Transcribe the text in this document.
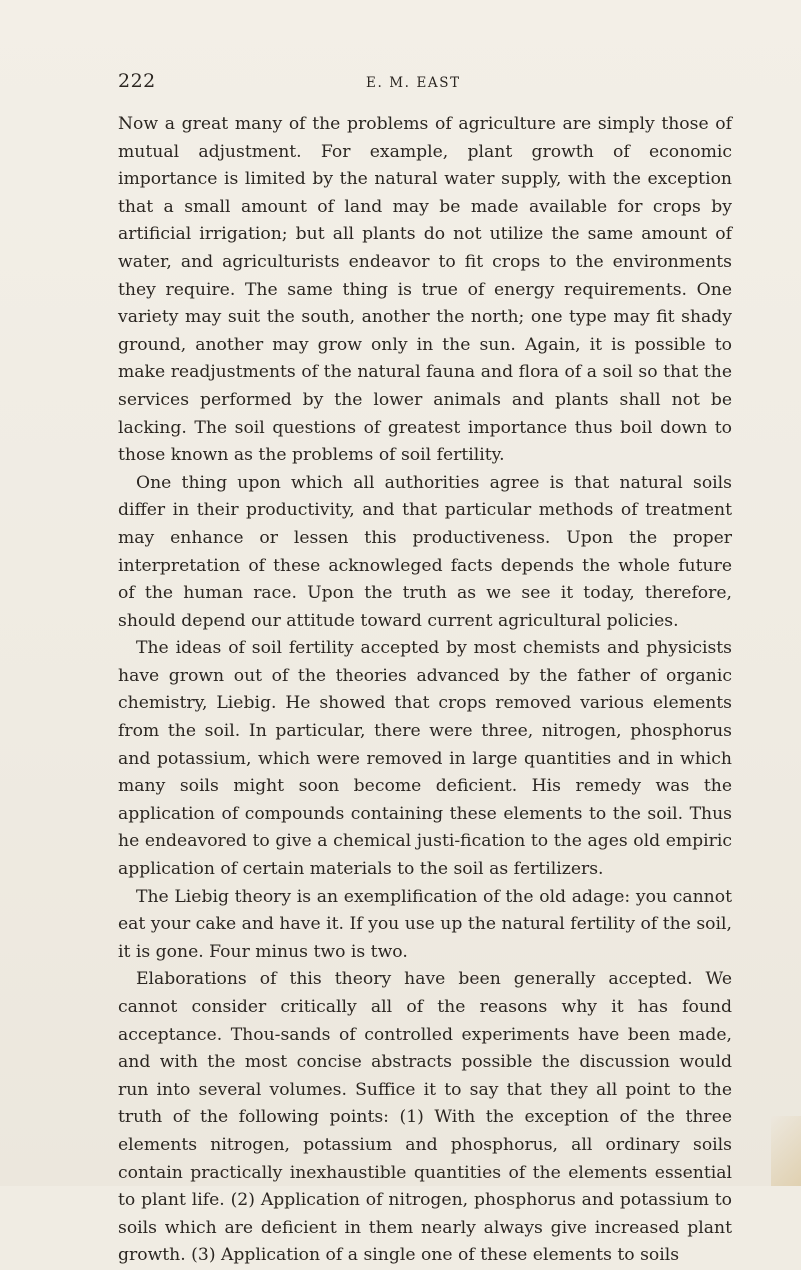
222	E. M. EAST

Now a great many of the problems of agriculture are simply those of mutual adjustment. For example, plant growth of economic importance is limited by the natural water supply, with the exception that a small amount of land may be made available for crops by artificial irrigation; but all plants do not utilize the same amount of water, and agriculturists endeavor to fit crops to the environments they require. The same thing is true of energy requirements. One variety may suit the south, another the north; one type may fit shady ground, another may grow only in the sun. Again, it is possible to make readjustments of the natural fauna and flora of a soil so that the services performed by the lower animals and plants shall not be lacking. The soil questions of greatest importance thus boil down to those known as the problems of soil fertility.

One thing upon which all authorities agree is that natural soils differ in their productivity, and that particular methods of treatment may enhance or lessen this productiveness. Upon the proper interpretation of these acknowleged facts depends the whole future of the human race. Upon the truth as we see it today, therefore, should depend our attitude toward current agricultural policies.

The ideas of soil fertility accepted by most chemists and physicists have grown out of the theories advanced by the father of organic chemistry, Liebig. He showed that crops removed various elements from the soil. In particular, there were three, nitrogen, phosphorus and potassium, which were removed in large quantities and in which many soils might soon become deficient. His remedy was the application of compounds containing these elements to the soil. Thus he endeavored to give a chemical justi-fication to the ages old empiric application of certain materials to the soil as fertilizers.

The Liebig theory is an exemplification of the old adage: you cannot eat your cake and have it. If you use up the natural fertility of the soil, it is gone. Four minus two is two.

Elaborations of this theory have been generally accepted. We cannot consider critically all of the reasons why it has found acceptance. Thou-sands of controlled experiments have been made, and with the most concise abstracts possible the discussion would run into several volumes. Suffice it to say that they all point to the truth of the following points: (1) With the exception of the three elements nitrogen, potassium and phosphorus, all ordinary soils contain practically inexhaustible quantities of the elements essential to plant life. (2) Application of nitrogen, phosphorus and potassium to soils which are deficient in them nearly always give increased plant growth. (3) Application of a single one of these elements to soils
